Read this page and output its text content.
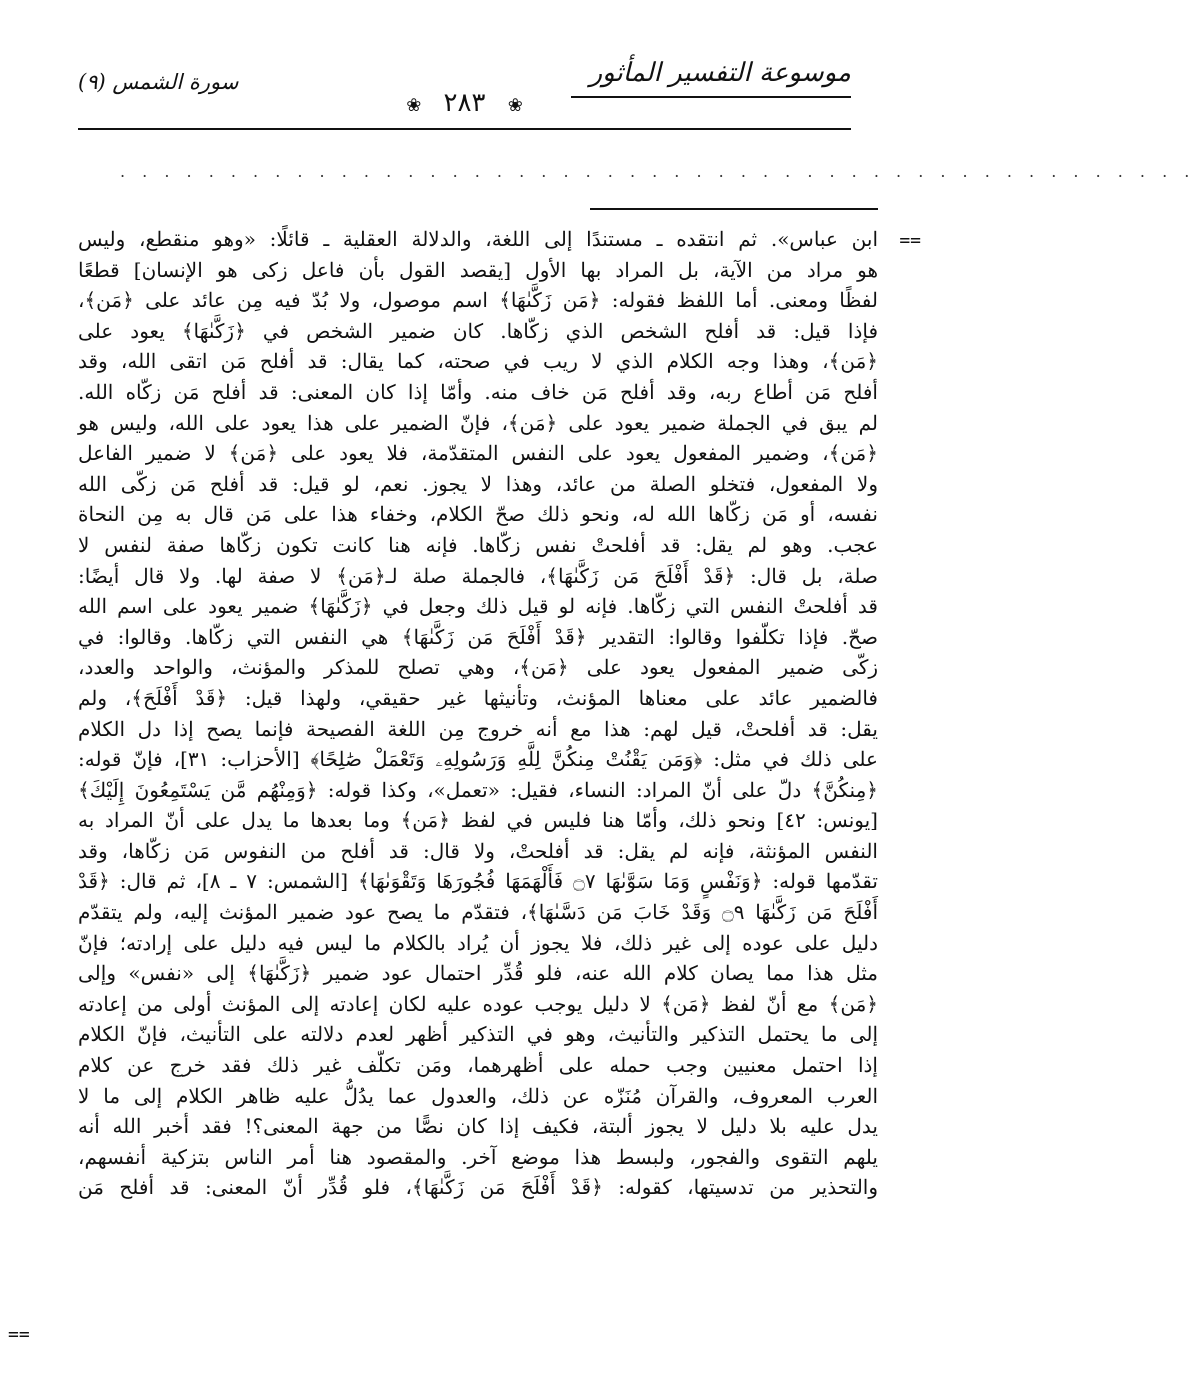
سورة الشمس (٩)	موسوعة التفسير المأثور
❀ ٢٨٣ ❀
. . . . . . . . . . . . . . . . . . . . . . . . . . . . . . . . . . . . . . . . . . . . . . . . .
==
==
ابن عباس». ثم انتقده ـ مستندًا إلى اللغة، والدلالة العقلية ـ قائلًا: «وهو منقطع، وليس
هو مراد من الآية، بل المراد بها الأول [يقصد القول بأن فاعل زكى هو الإنسان] قطعًا
لفظًا ومعنى. أما اللفظ فقوله: ﴿مَن زَكَّىٰهَا﴾ اسم موصول، ولا بُدّ فيه مِن عائد على ﴿مَن﴾،
فإذا قيل: قد أفلح الشخص الذي زكّاها. كان ضمير الشخص في ﴿زَكَّىٰهَا﴾ يعود على
﴿مَن﴾، وهذا وجه الكلام الذي لا ريب في صحته، كما يقال: قد أفلح مَن اتقى الله، وقد
أفلح مَن أطاع ربه، وقد أفلح مَن خاف منه. وأمّا إذا كان المعنى: قد أفلح مَن زكّاه الله.
لم يبق في الجملة ضمير يعود على ﴿مَن﴾، فإنّ الضمير على هذا يعود على الله، وليس هو
﴿مَن﴾، وضمير المفعول يعود على النفس المتقدّمة، فلا يعود على ﴿مَن﴾ لا ضمير الفاعل
ولا المفعول، فتخلو الصلة من عائد، وهذا لا يجوز. نعم، لو قيل: قد أفلح مَن زكّى الله
نفسه، أو مَن زكّاها الله له، ونحو ذلك صحّ الكلام، وخفاء هذا على مَن قال به مِن النحاة
عجب. وهو لم يقل: قد أفلحتْ نفس زكّاها. فإنه هنا كانت تكون زكّاها صفة لنفس لا
صلة، بل قال: ﴿قَدْ أَفْلَحَ مَن زَكَّىٰهَا﴾، فالجملة صلة لـ﴿مَن﴾ لا صفة لها. ولا قال أيضًا:
قد أفلحتْ النفس التي زكّاها. فإنه لو قيل ذلك وجعل في ﴿زَكَّىٰهَا﴾ ضمير يعود على اسم الله
صحّ. فإذا تكلّفوا وقالوا: التقدير ﴿قَدْ أَفْلَحَ مَن زَكَّىٰهَا﴾ هي النفس التي زكّاها. وقالوا: في
زكّى ضمير المفعول يعود على ﴿مَن﴾، وهي تصلح للمذكر والمؤنث، والواحد والعدد،
فالضمير عائد على معناها المؤنث، وتأنيثها غير حقيقي، ولهذا قيل: ﴿قَدْ أَفْلَحَ﴾، ولم
يقل: قد أفلحتْ، قيل لهم: هذا مع أنه خروج مِن اللغة الفصيحة فإنما يصح إذا دل الكلام
على ذلك في مثل: ﴿وَمَن يَقْنُتْ مِنكُنَّ لِلَّهِ وَرَسُولِهِۦ وَتَعْمَلْ صَٰلِحًا﴾ [الأحزاب: ٣١]، فإنّ قوله:
﴿مِنكُنَّ﴾ دلّ على أنّ المراد: النساء، فقيل: «تعمل»، وكذا قوله: ﴿وَمِنْهُم مَّن يَسْتَمِعُونَ إِلَيْكَ﴾
[يونس: ٤٢] ونحو ذلك، وأمّا هنا فليس في لفظ ﴿مَن﴾ وما بعدها ما يدل على أنّ المراد به
النفس المؤنثة، فإنه لم يقل: قد أفلحتْ، ولا قال: قد أفلح من النفوس مَن زكّاها، وقد
تقدّمها قوله: ﴿وَنَفْسٍ وَمَا سَوَّىٰهَا ۝٧ فَأَلْهَمَهَا فُجُورَهَا وَتَقْوَىٰهَا﴾ [الشمس: ٧ ـ ٨]، ثم قال: ﴿قَدْ
أَفْلَحَ مَن زَكَّىٰهَا ۝٩ وَقَدْ خَابَ مَن دَسَّىٰهَا﴾، فتقدّم ما يصح عود ضمير المؤنث إليه، ولم يتقدّم
دليل على عوده إلى غير ذلك، فلا يجوز أن يُراد بالكلام ما ليس فيه دليل على إرادته؛ فإنّ
مثل هذا مما يصان كلام الله عنه، فلو قُدِّر احتمال عود ضمير ﴿زَكَّىٰهَا﴾ إلى «نفس» وإلى
﴿مَن﴾ مع أنّ لفظ ﴿مَن﴾ لا دليل يوجب عوده عليه لكان إعادته إلى المؤنث أولى من إعادته
إلى ما يحتمل التذكير والتأنيث، وهو في التذكير أظهر لعدم دلالته على التأنيث، فإنّ الكلام
إذا احتمل معنيين وجب حمله على أظهرهما، ومَن تكلّف غير ذلك فقد خرج عن كلام
العرب المعروف، والقرآن مُنَزّه عن ذلك، والعدول عما يدُلُّ عليه ظاهر الكلام إلى ما لا
يدل عليه بلا دليل لا يجوز ألبتة، فكيف إذا كان نصًّا من جهة المعنى؟! فقد أخبر الله أنه
يلهم التقوى والفجور، ولبسط هذا موضع آخر. والمقصود هنا أمر الناس بتزكية أنفسهم،
والتحذير من تدسيتها، كقوله: ﴿قَدْ أَفْلَحَ مَن زَكَّىٰهَا﴾، فلو قُدِّر أنّ المعنى: قد أفلح مَن
